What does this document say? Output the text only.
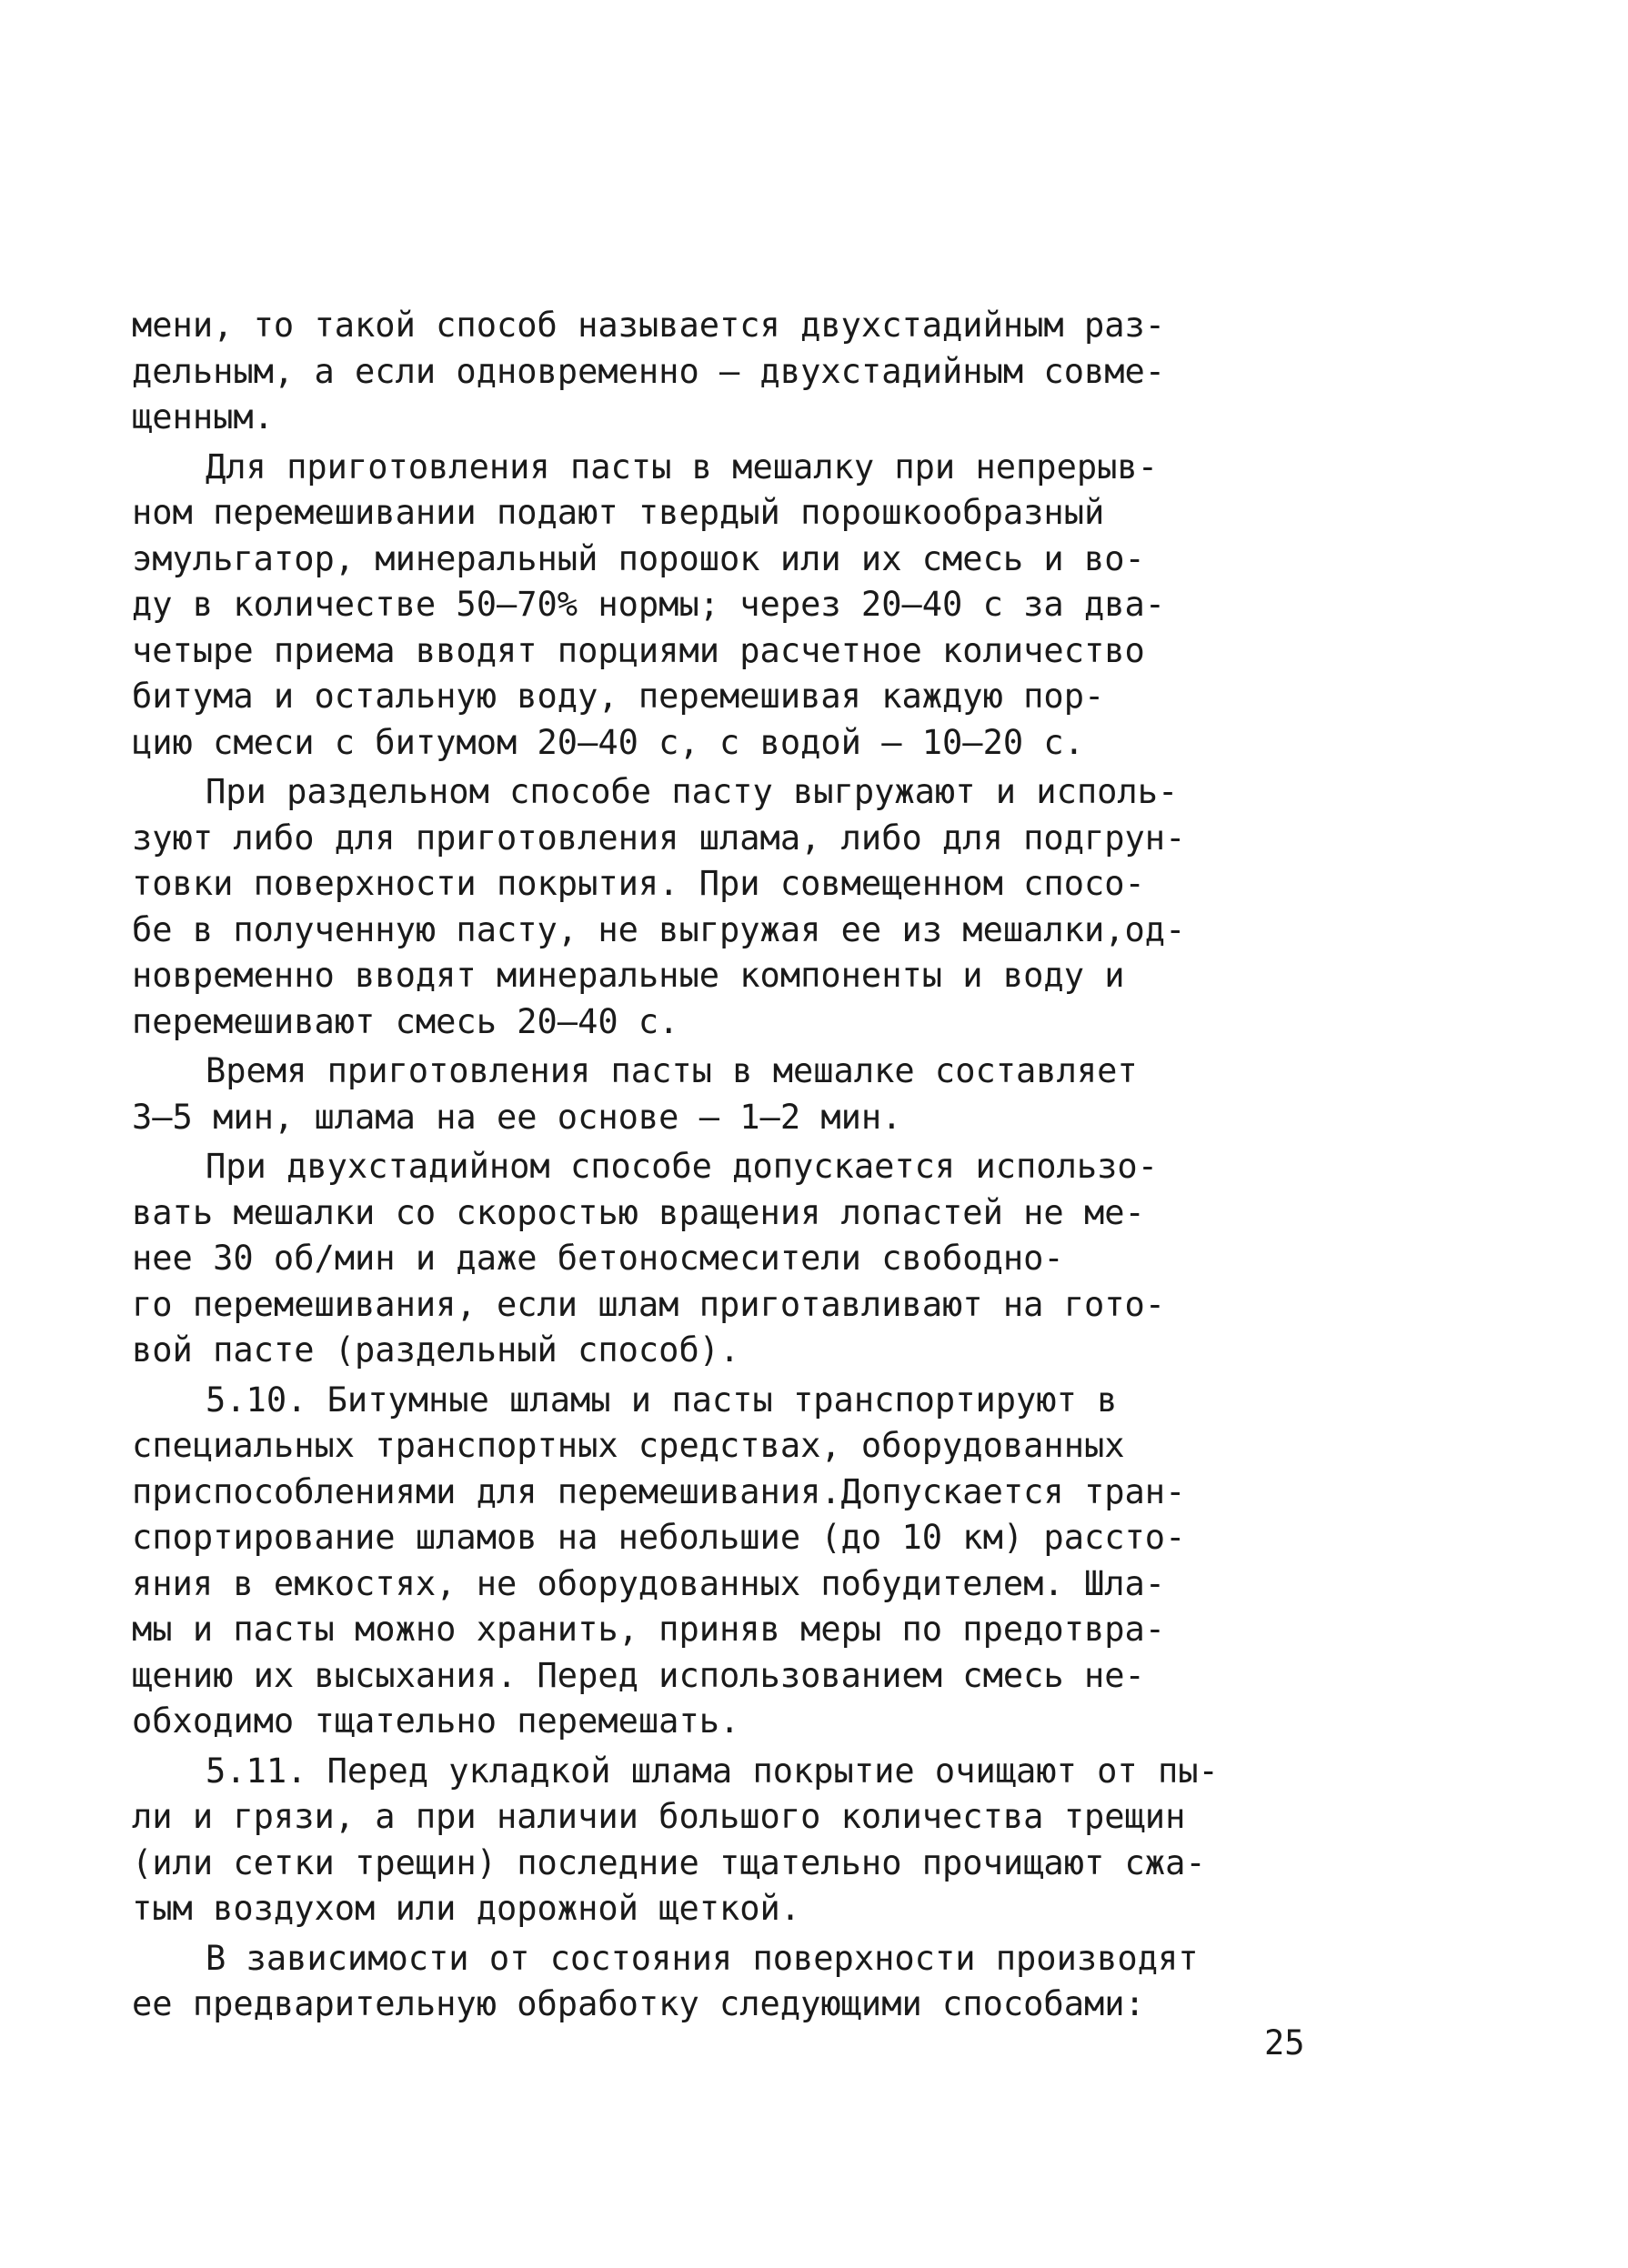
мени, то такой способ называется двухстадийным раз-
дельным, а если одновременно – двухстадийным совме-
щенным.
Для приготовления пасты в мешалку при непрерыв-
ном перемешивании подают твердый порошкообразный
эмульгатор, минеральный порошок или их смесь и во-
ду в количестве 50–70% нормы; через 20–40 с за два-
четыре приема вводят порциями расчетное количество
битума и остальную воду, перемешивая каждую пор-
цию смеси с битумом 20–40 с, с водой – 10–20 с.
При раздельном способе пасту выгружают и исполь-
зуют либо для приготовления шлама, либо для подгрун-
товки поверхности покрытия. При совмещенном спосо-
бе в полученную пасту, не выгружая ее из мешалки,од-
новременно вводят минеральные компоненты и воду и
перемешивают смесь 20–40 с.
Время приготовления пасты в мешалке составляет
3–5 мин, шлама на ее основе – 1–2 мин.
При двухстадийном способе допускается использо-
вать мешалки со скоростью вращения лопастей не ме-
нее 30 об/мин и даже бетоносмесители свободно-
го перемешивания, если шлам приготавливают на гото-
вой пасте (раздельный способ).
5.10. Битумные шламы и пасты транспортируют в
специальных транспортных средствах, оборудованных
приспособлениями для перемешивания.Допускается тран-
спортирование шламов на небольшие (до 10 км) рассто-
яния в емкостях, не оборудованных побудителем. Шла-
мы и пасты можно хранить, приняв меры по предотвра-
щению их высыхания. Перед использованием смесь не-
обходимо тщательно перемешать.
5.11. Перед укладкой шлама покрытие очищают от пы-
ли и грязи, а при наличии большого количества трещин
(или сетки трещин) последние тщательно прочищают сжа-
тым воздухом или дорожной щеткой.
В зависимости от состояния поверхности производят
ее предварительную обработку следующими способами:
25
